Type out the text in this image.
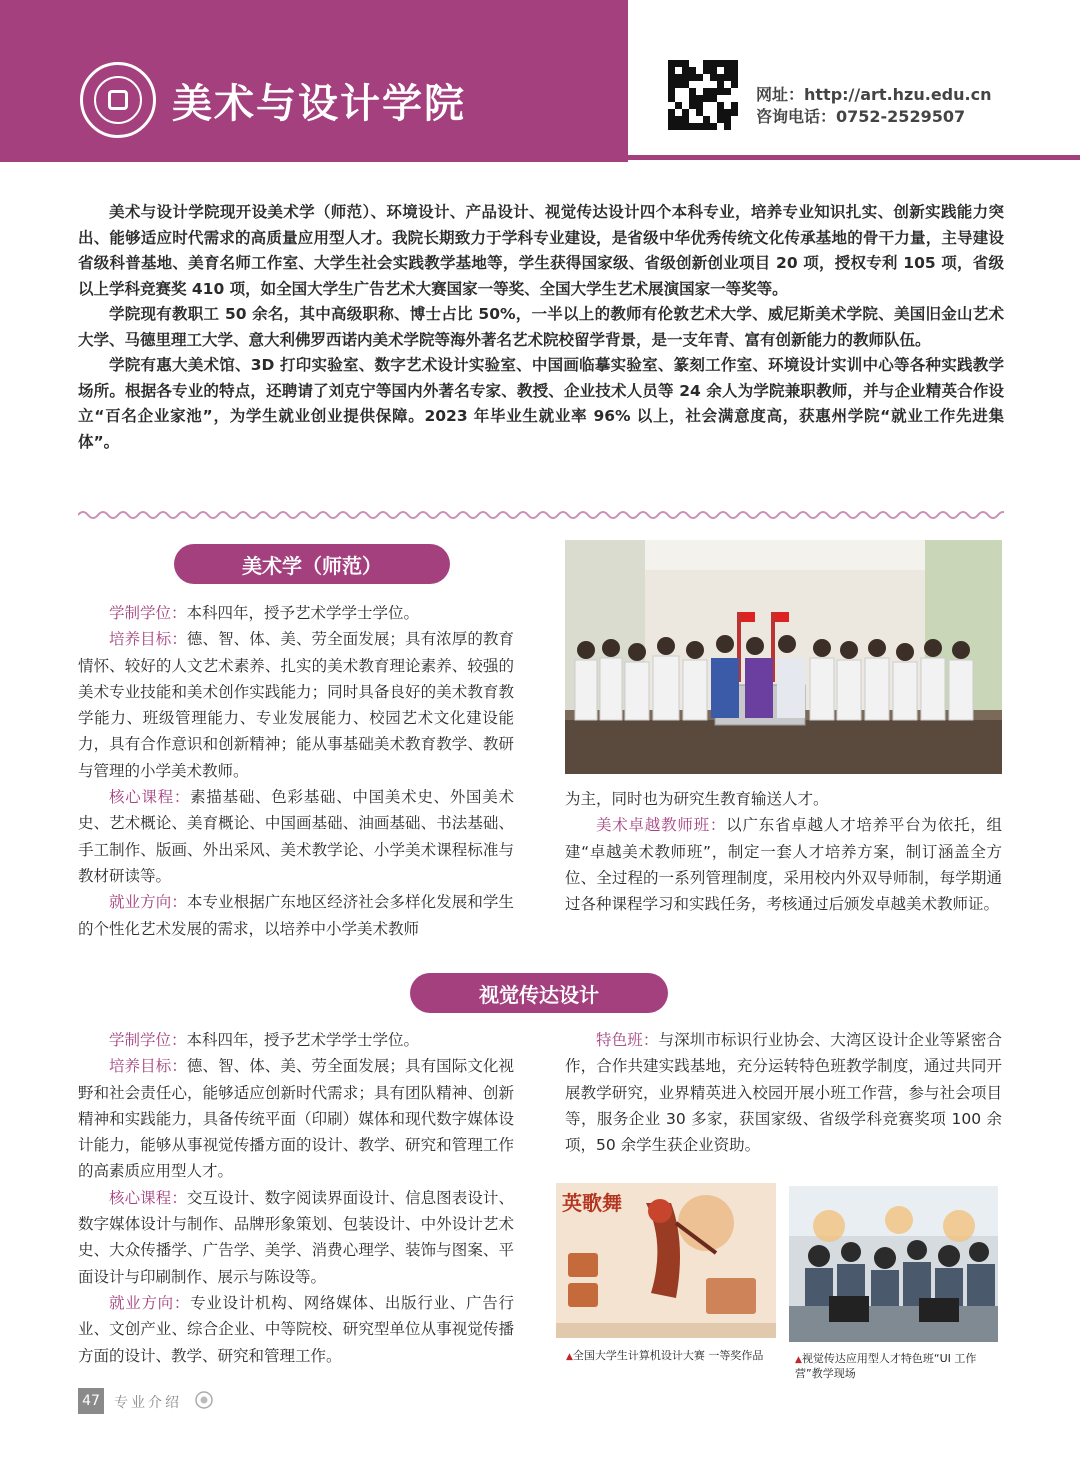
美术与设计学院	网址：http://art.hzu.edu.cn
咨询电话：0752-2529507

美术与设计学院现开设美术学（师范）、环境设计、产品设计、视觉传达设计四个本科专业，培养专业知识扎实、创新实践能力突出、能够适应时代需求的高质量应用型人才。我院长期致力于学科专业建设，是省级中华优秀传统文化传承基地的骨干力量，主导建设省级科普基地、美育名师工作室、大学生社会实践教学基地等，学生获得国家级、省级创新创业项目 20 项，授权专利 105 项，省级以上学科竞赛奖 410 项，如全国大学生广告艺术大赛国家一等奖、全国大学生艺术展演国家一等奖等。

学院现有教职工 50 余名，其中高级职称、博士占比 50%，一半以上的教师有伦敦艺术大学、威尼斯美术学院、美国旧金山艺术大学、马德里理工大学、意大利佛罗西诺内美术学院等海外著名艺术院校留学背景，是一支年青、富有创新能力的教师队伍。

学院有惠大美术馆、3D 打印实验室、数字艺术设计实验室、中国画临摹实验室、篆刻工作室、环境设计实训中心等各种实践教学场所。根据各专业的特点，还聘请了刘克宁等国内外著名专家、教授、企业技术人员等 24 余人为学院兼职教师，并与企业精英合作设立“百名企业家池”，为学生就业创业提供保障。2023 年毕业生就业率 96% 以上，社会满意度高，获惠州学院“就业工作先进集体”。

美术学（师范）

学制学位：本科四年，授予艺术学学士学位。

培养目标：德、智、体、美、劳全面发展；具有浓厚的教育情怀、较好的人文艺术素养、扎实的美术教育理论素养、较强的美术专业技能和美术创作实践能力；同时具备良好的美术教育教学能力、班级管理能力、专业发展能力、校园艺术文化建设能力，具有合作意识和创新精神；能从事基础美术教育教学、教研与管理的小学美术教师。

核心课程：素描基础、色彩基础、中国美术史、外国美术史、艺术概论、美育概论、中国画基础、油画基础、书法基础、手工制作、版画、外出采风、美术教学论、小学美术课程标准与教材研读等。

就业方向：本专业根据广东地区经济社会多样化发展和学生的个性化艺术发展的需求，以培养中小学美术教师

为主，同时也为研究生教育输送人才。

美术卓越教师班：以广东省卓越人才培养平台为依托，组建“卓越美术教师班”，制定一套人才培养方案，制订涵盖全方位、全过程的一系列管理制度，采用校内外双导师制，每学期通过各种课程学习和实践任务，考核通过后颁发卓越美术教师证。

视觉传达设计

学制学位：本科四年，授予艺术学学士学位。

培养目标：德、智、体、美、劳全面发展；具有国际文化视野和社会责任心，能够适应创新时代需求；具有团队精神、创新精神和实践能力，具备传统平面（印刷）媒体和现代数字媒体设计能力，能够从事视觉传播方面的设计、教学、研究和管理工作的高素质应用型人才。

核心课程：交互设计、数字阅读界面设计、信息图表设计、数字媒体设计与制作、品牌形象策划、包装设计、中外设计艺术史、大众传播学、广告学、美学、消费心理学、装饰与图案、平面设计与印刷制作、展示与陈设等。

就业方向：专业设计机构、网络媒体、出版行业、广告行业、文创产业、综合企业、中等院校、研究型单位从事视觉传播方面的设计、教学、研究和管理工作。

特色班：与深圳市标识行业协会、大湾区设计企业等紧密合作，合作共建实践基地，充分运转特色班教学制度，通过共同开展教学研究，业界精英进入校园开展小班工作营，参与社会项目等，服务企业 30 多家，获国家级、省级学科竞赛奖项 100 余项，50 余学生获企业资助。

英歌舞
▲全国大学生计算机设计大赛 一等奖作品	▲视觉传达应用型人才特色班“UI 工作营”教学现场
47 专业介绍
